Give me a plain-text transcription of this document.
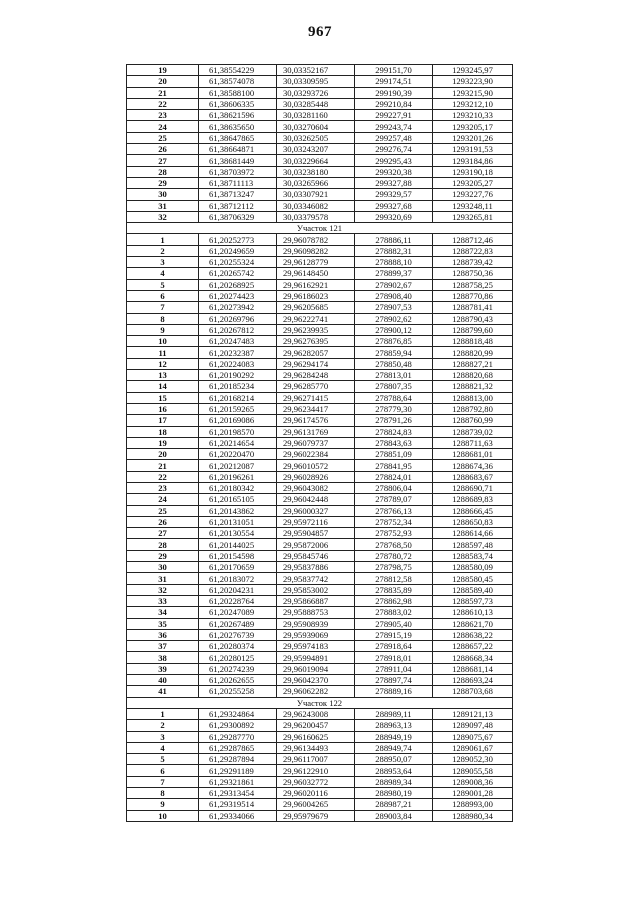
967
19	61,38554229	30,03352167	299151,70	1293245,97
20	61,38574078	30,03309595	299174,51	1293223,90
21	61,38588100	30,03293726	299190,39	1293215,90
22	61,38606335	30,03285448	299210,84	1293212,10
23	61,38621596	30,03281160	299227,91	1293210,33
24	61,38635650	30,03270604	299243,74	1293205,17
25	61,38647865	30,03262505	299257,48	1293201,26
26	61,38664871	30,03243207	299276,74	1293191,53
27	61,38681449	30,03229664	299295,43	1293184,86
28	61,38703972	30,03238180	299320,38	1293190,18
29	61,38711113	30,03265966	299327,88	1293205,27
30	61,38713247	30,03307921	299329,57	1293227,76
31	61,38712112	30,03346082	299327,68	1293248,11
32	61,38706329	30,03379578	299320,69	1293265,81
Участок 121				
1	61,20252773	29,96078782	278886,11	1288712,46
2	61,20249659	29,96098282	278882,31	1288722,83
3	61,20255324	29,96128779	278888,10	1288739,42
4	61,20265742	29,96148450	278899,37	1288750,36
5	61,20268925	29,96162921	278902,67	1288758,25
6	61,20274423	29,96186023	278908,40	1288770,86
7	61,20273942	29,96205685	278907,53	1288781,41
8	61,20269796	29,96222741	278902,62	1288790,43
9	61,20267812	29,96239935	278900,12	1288799,60
10	61,20247483	29,96276395	278876,85	1288818,48
11	61,20232387	29,96282057	278859,94	1288820,99
12	61,20224083	29,96294174	278850,48	1288827,21
13	61,20190292	29,96284248	278813,01	1288820,68
14	61,20185234	29,96285770	278807,35	1288821,32
15	61,20168214	29,96271415	278788,64	1288813,00
16	61,20159265	29,96234417	278779,30	1288792,80
17	61,20169086	29,96174576	278791,26	1288760,99
18	61,20198570	29,96131769	278824,83	1288739,02
19	61,20214654	29,96079737	278843,63	1288711,63
20	61,20220470	29,96022384	278851,09	1288681,01
21	61,20212087	29,96010572	278841,95	1288674,36
22	61,20196261	29,96028926	278824,01	1288683,67
23	61,20180342	29,96043082	278806,04	1288690,71
24	61,20165105	29,96042448	278789,07	1288689,83
25	61,20143862	29,96000327	278766,13	1288666,45
26	61,20131051	29,95972116	278752,34	1288650,83
27	61,20130554	29,95904857	278752,93	1288614,66
28	61,20144025	29,95872006	278768,50	1288597,48
29	61,20154598	29,95845746	278780,72	1288583,74
30	61,20170659	29,95837886	278798,75	1288580,09
31	61,20183072	29,95837742	278812,58	1288580,45
32	61,20204231	29,95853002	278835,89	1288589,40
33	61,20228764	29,95866887	278862,98	1288597,73
34	61,20247089	29,95888753	278883,02	1288610,13
35	61,20267489	29,95908939	278905,40	1288621,70
36	61,20276739	29,95939069	278915,19	1288638,22
37	61,20280374	29,95974183	278918,64	1288657,22
38	61,20280125	29,95994891	278918,01	1288668,34
39	61,20274239	29,96019094	278911,04	1288681,14
40	61,20262655	29,96042370	278897,74	1288693,24
41	61,20255258	29,96062282	278889,16	1288703,68
Участок 122				
1	61,29324864	29,96243008	288989,11	1289121,13
2	61,29300892	29,96200457	288963,13	1289097,48
3	61,29287770	29,96160625	288949,19	1289075,67
4	61,29287865	29,96134493	288949,74	1289061,67
5	61,29287894	29,96117007	288950,07	1289052,30
6	61,29291189	29,96122910	288953,64	1289055,58
7	61,29321861	29,96032772	288989,34	1289008,36
8	61,29313454	29,96020116	288980,19	1289001,28
9	61,29319514	29,96004265	288987,21	1288993,00
10	61,29334066	29,95979679	289003,84	1288980,34
